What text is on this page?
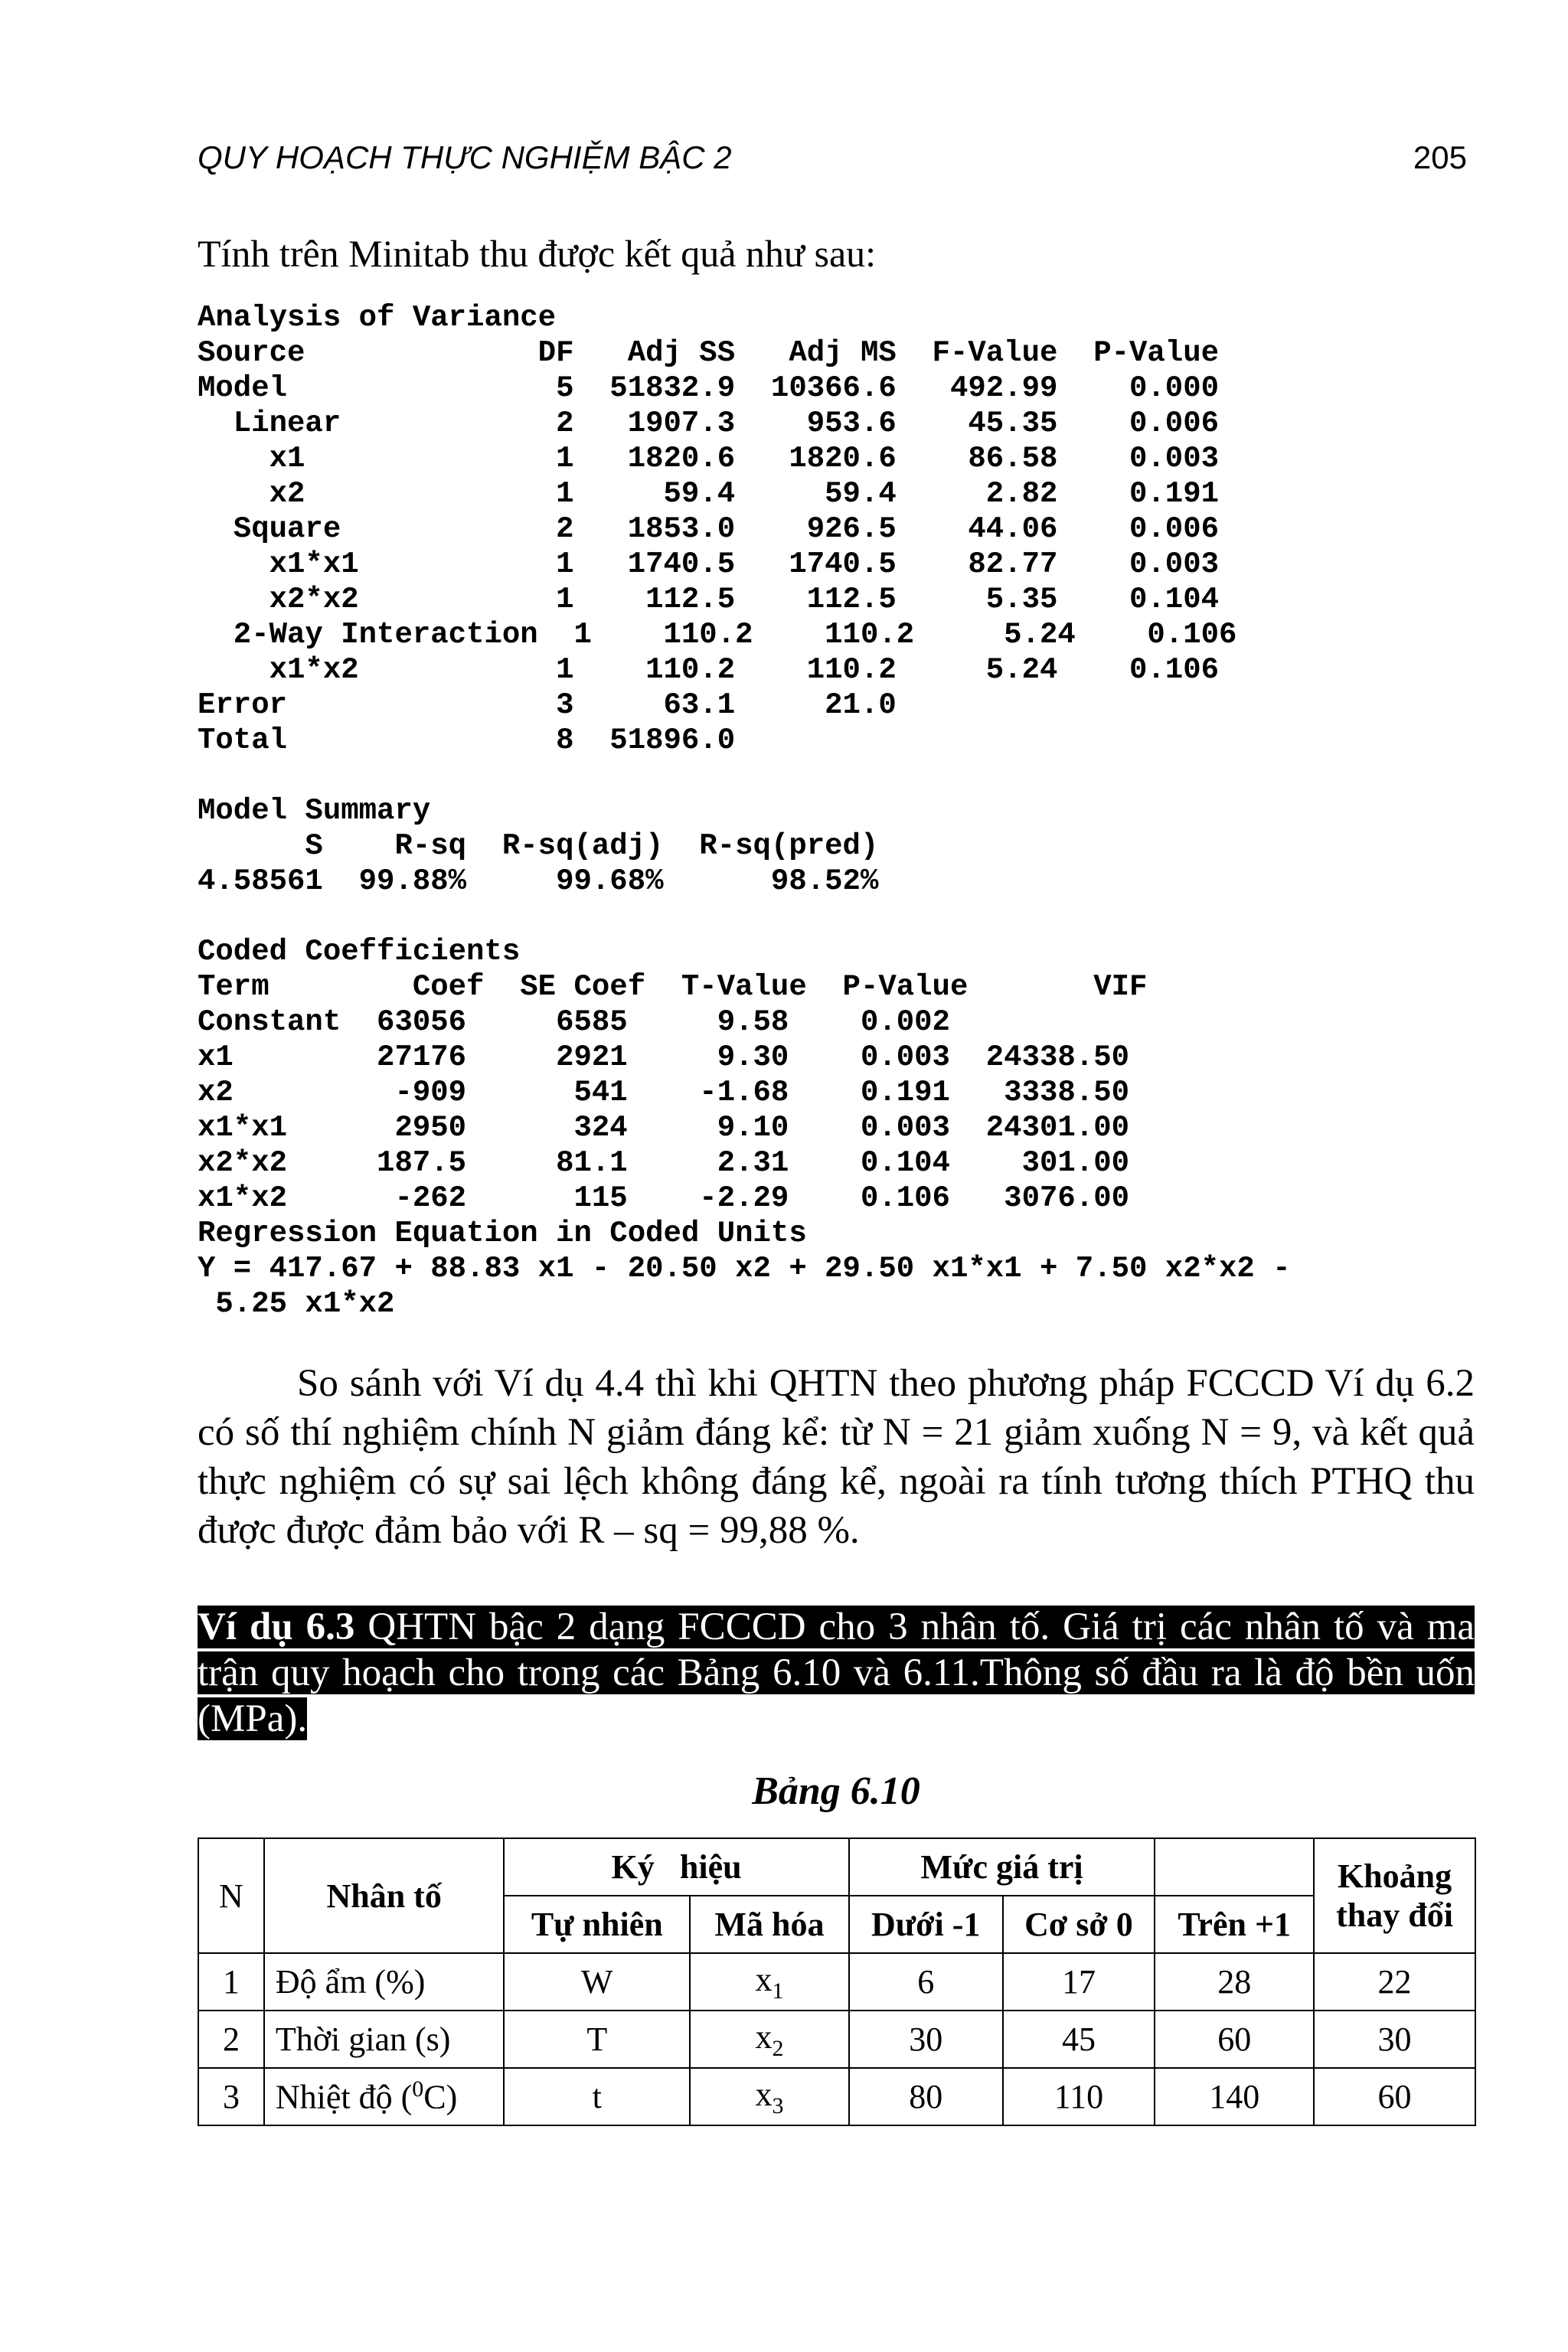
QUY HOẠCH THỰC NGHIỆM BẬC 2	205
Tính trên Minitab thu được kết quả như sau:
Analysis of Variance
Source             DF   Adj SS   Adj MS  F-Value  P-Value
Model               5  51832.9  10366.6   492.99    0.000
Linear            2   1907.3    953.6    45.35    0.006
x1              1   1820.6   1820.6    86.58    0.003
x2              1     59.4     59.4     2.82    0.191
Square            2   1853.0    926.5    44.06    0.006
x1*x1           1   1740.5   1740.5    82.77    0.003
x2*x2           1    112.5    112.5     5.35    0.104
2-Way Interaction  1    110.2    110.2     5.24    0.106
x1*x2           1    110.2    110.2     5.24    0.106
Error               3     63.1     21.0
Total               8  51896.0
Model Summary
S    R-sq  R-sq(adj)  R-sq(pred)
4.58561  99.88%     99.68%      98.52%
Coded Coefficients
Term        Coef  SE Coef  T-Value  P-Value       VIF
Constant  63056     6585     9.58    0.002
x1        27176     2921     9.30    0.003  24338.50
x2         -909      541    -1.68    0.191   3338.50
x1*x1      2950      324     9.10    0.003  24301.00
x2*x2     187.5     81.1     2.31    0.104    301.00
x1*x2      -262      115    -2.29    0.106   3076.00
Regression Equation in Coded Units
Y = 417.67 + 88.83 x1 - 20.50 x2 + 29.50 x1*x1 + 7.50 x2*x2 -
5.25 x1*x2

So sánh với Ví dụ 4.4 thì khi QHTN theo phương pháp FCCCD Ví dụ 6.2 có số thí nghiệm chính N giảm đáng kể: từ N = 21 giảm xuống N = 9, và kết quả thực nghiệm có sự sai lệch không đáng kể, ngoài ra tính tương thích PTHQ thu được được đảm bảo với R – sq = 99,88 %.

Ví dụ 6.3 QHTN bậc 2 dạng FCCCD cho 3 nhân tố. Giá trị các nhân tố và ma trận quy hoạch cho trong các Bảng 6.10 và 6.11.Thông số đầu ra là độ bền uốn (MPa).

Bảng 6.10
N	Nhân tố	Ký   hiệu		Mức giá trị			Khoảng thay đổi
		Tự nhiên	Mã hóa	Dưới -1	Cơ sở 0	Trên +1	
1	Độ ẩm (%)	W	$x_1$	6	17	28	22
2	Thời gian (s)	T	$x_2$	30	45	60	30
3	Nhiệt độ ($^0$C)	t	$x_3$	80	110	140	60
